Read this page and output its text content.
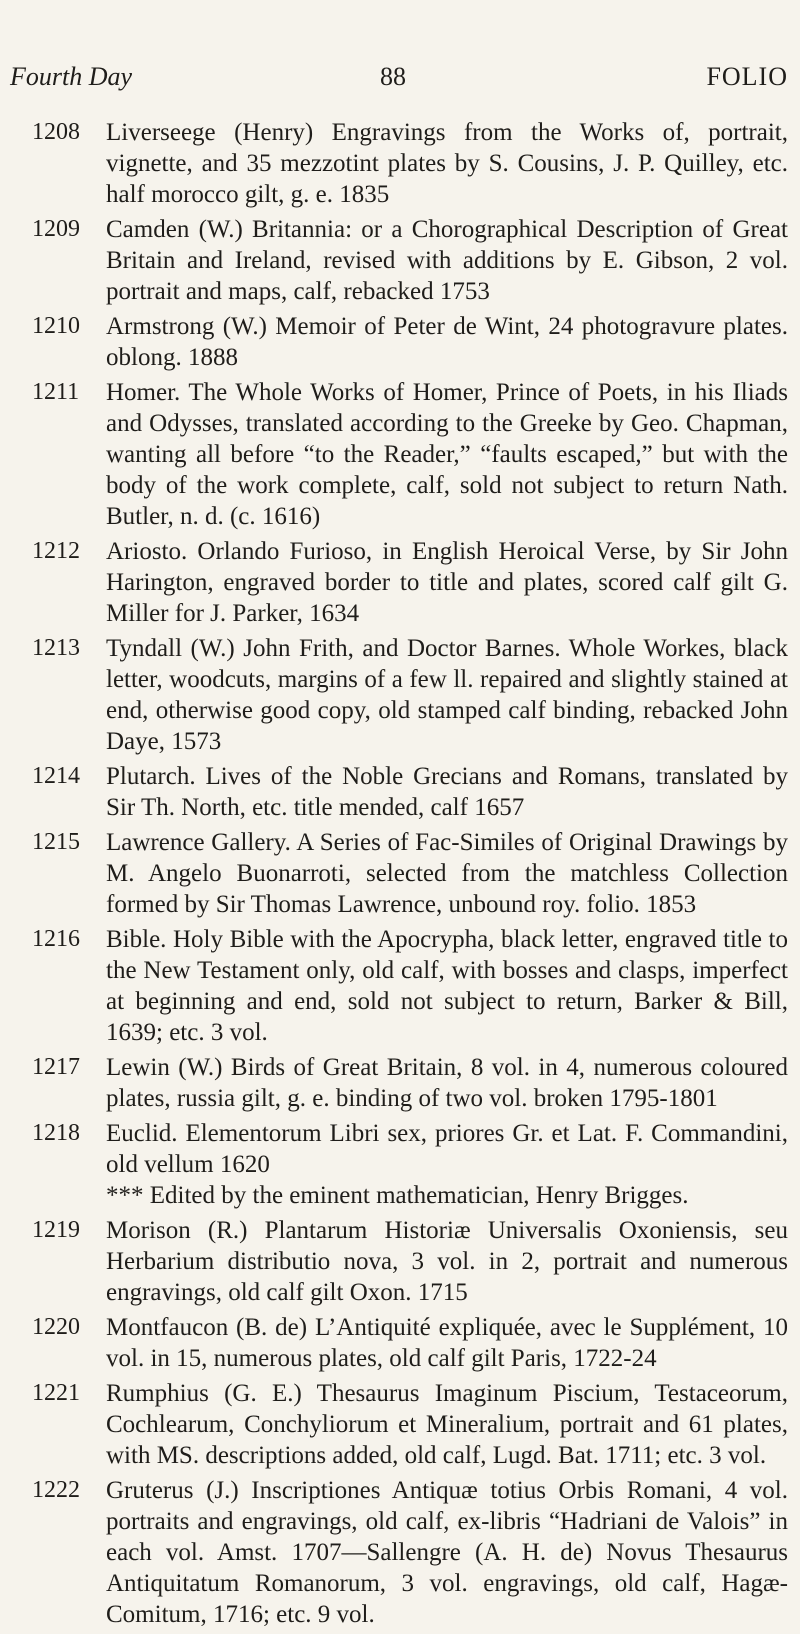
Fourth Day	88	FOLIO
1208 Liverseege (Henry) Engravings from the Works of, portrait, vignette, and 35 mezzotint plates by S. Cousins, J. P. Quilley, etc. half morocco gilt, g. e. 1835
1209 Camden (W.) Britannia: or a Chorographical Description of Great Britain and Ireland, revised with additions by E. Gibson, 2 vol. portrait and maps, calf, rebacked 1753
1210 Armstrong (W.) Memoir of Peter de Wint, 24 photogravure plates. oblong. 1888
1211 Homer. The Whole Works of Homer, Prince of Poets, in his Iliads and Odysses, translated according to the Greeke by Geo. Chapman, wanting all before “to the Reader,” “faults escaped,” but with the body of the work complete, calf, sold not subject to return Nath. Butler, n. d. (c. 1616)
1212 Ariosto. Orlando Furioso, in English Heroical Verse, by Sir John Harington, engraved border to title and plates, scored calf gilt G. Miller for J. Parker, 1634
1213 Tyndall (W.) John Frith, and Doctor Barnes. Whole Workes, black letter, woodcuts, margins of a few ll. repaired and slightly stained at end, otherwise good copy, old stamped calf binding, rebacked John Daye, 1573
1214 Plutarch. Lives of the Noble Grecians and Romans, translated by Sir Th. North, etc. title mended, calf 1657
1215 Lawrence Gallery. A Series of Fac-Similes of Original Drawings by M. Angelo Buonarroti, selected from the matchless Collection formed by Sir Thomas Lawrence, unbound roy. folio. 1853
1216 Bible. Holy Bible with the Apocrypha, black letter, engraved title to the New Testament only, old calf, with bosses and clasps, imperfect at beginning and end, sold not subject to return, Barker & Bill, 1639; etc. 3 vol.
1217 Lewin (W.) Birds of Great Britain, 8 vol. in 4, numerous coloured plates, russia gilt, g. e. binding of two vol. broken 1795-1801
1218 Euclid. Elementorum Libri sex, priores Gr. et Lat. F. Commandini, old vellum 1620
*** Edited by the eminent mathematician, Henry Brigges.
1219 Morison (R.) Plantarum Historiæ Universalis Oxoniensis, seu Herbarium distributio nova, 3 vol. in 2, portrait and numerous engravings, old calf gilt Oxon. 1715
1220 Montfaucon (B. de) L’Antiquité expliquée, avec le Supplément, 10 vol. in 15, numerous plates, old calf gilt Paris, 1722-24
1221 Rumphius (G. E.) Thesaurus Imaginum Piscium, Testaceorum, Cochlearum, Conchyliorum et Mineralium, portrait and 61 plates, with MS. descriptions added, old calf, Lugd. Bat. 1711; etc. 3 vol.
1222 Gruterus (J.) Inscriptiones Antiquæ totius Orbis Romani, 4 vol. portraits and engravings, old calf, ex-libris “Hadriani de Valois” in each vol. Amst. 1707—Sallengre (A. H. de) Novus Thesaurus Antiquitatum Romanorum, 3 vol. engravings, old calf, Hagæ-Comitum, 1716; etc. 9 vol.
